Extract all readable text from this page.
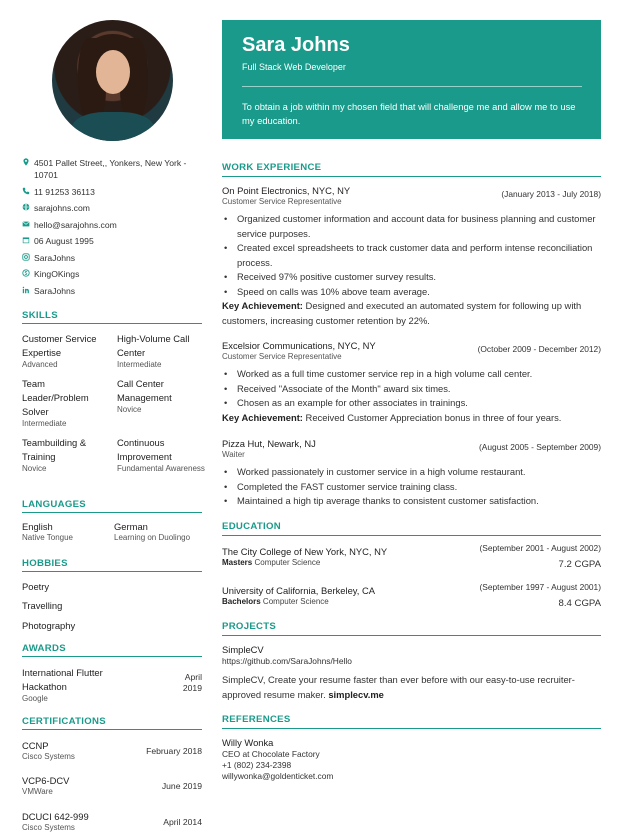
4501 Pallet Street,, Yonkers, New York - 10701
11 91253 36113
sarajohns.com
hello@sarajohns.com
06 August 1995
SaraJohns
KingOKings
SaraJohns
SKILLS
Customer Service Expertise
Advanced
High-Volume Call Center
Intermediate
Team Leader/Problem Solver
Intermediate
Call Center Management
Novice
Teambuilding & Training
Novice
Continuous Improvement
Fundamental Awareness
LANGUAGES
English
Native Tongue
German
Learning on Duolingo
HOBBIES
Poetry
Travelling
Photography
AWARDS
International Flutter Hackathon
Google
April
2019
CERTIFICATIONS
CCNP
Cisco Systems
February 2018
VCP6-DCV
VMWare
June 2019
DCUCI 642-999
Cisco Systems
April 2014
Sara Johns
Full Stack Web Developer
To obtain a job within my chosen field that will challenge me and allow me to use my education.
WORK EXPERIENCE
On Point Electronics, NYC, NY
Customer Service Representative
(January 2013 - July 2018)
• Organized customer information and account data for business planning and customer service purposes.
• Created excel spreadsheets to track customer data and perform intense reconciliation process.
• Received 97% positive customer survey results.
• Speed on calls was 10% above team average.
Key Achievement: Designed and executed an automated system for following up with customers, increasing customer retention by 22%.
Excelsior Communications, NYC, NY
Customer Service Representative
(October 2009 - December 2012)
• Worked as a full time customer service rep in a high volume call center.
• Received "Associate of the Month" award six times.
• Chosen as an example for other associates in trainings.
Key Achievement: Received Customer Appreciation bonus in three of four years.
Pizza Hut, Newark, NJ
Waiter
(August 2005 - September 2009)
• Worked passionately in customer service in a high volume restaurant.
• Completed the FAST customer service training class.
• Maintained a high tip average thanks to consistent customer satisfaction.
EDUCATION
The City College of New York, NYC, NY
Masters Computer Science
(September 2001 - August 2002)
7.2 CGPA
University of California, Berkeley, CA
Bachelors Computer Science
(September 1997 - August 2001)
8.4 CGPA
PROJECTS
SimpleCV
https://github.com/SaraJohns/Hello
SimpleCV, Create your resume faster than ever before with our easy-to-use recruiter-approved resume maker. simplecv.me
REFERENCES
Willy Wonka
CEO at Chocolate Factory
+1 (802) 234-2398
willywonka@goldenticket.com
